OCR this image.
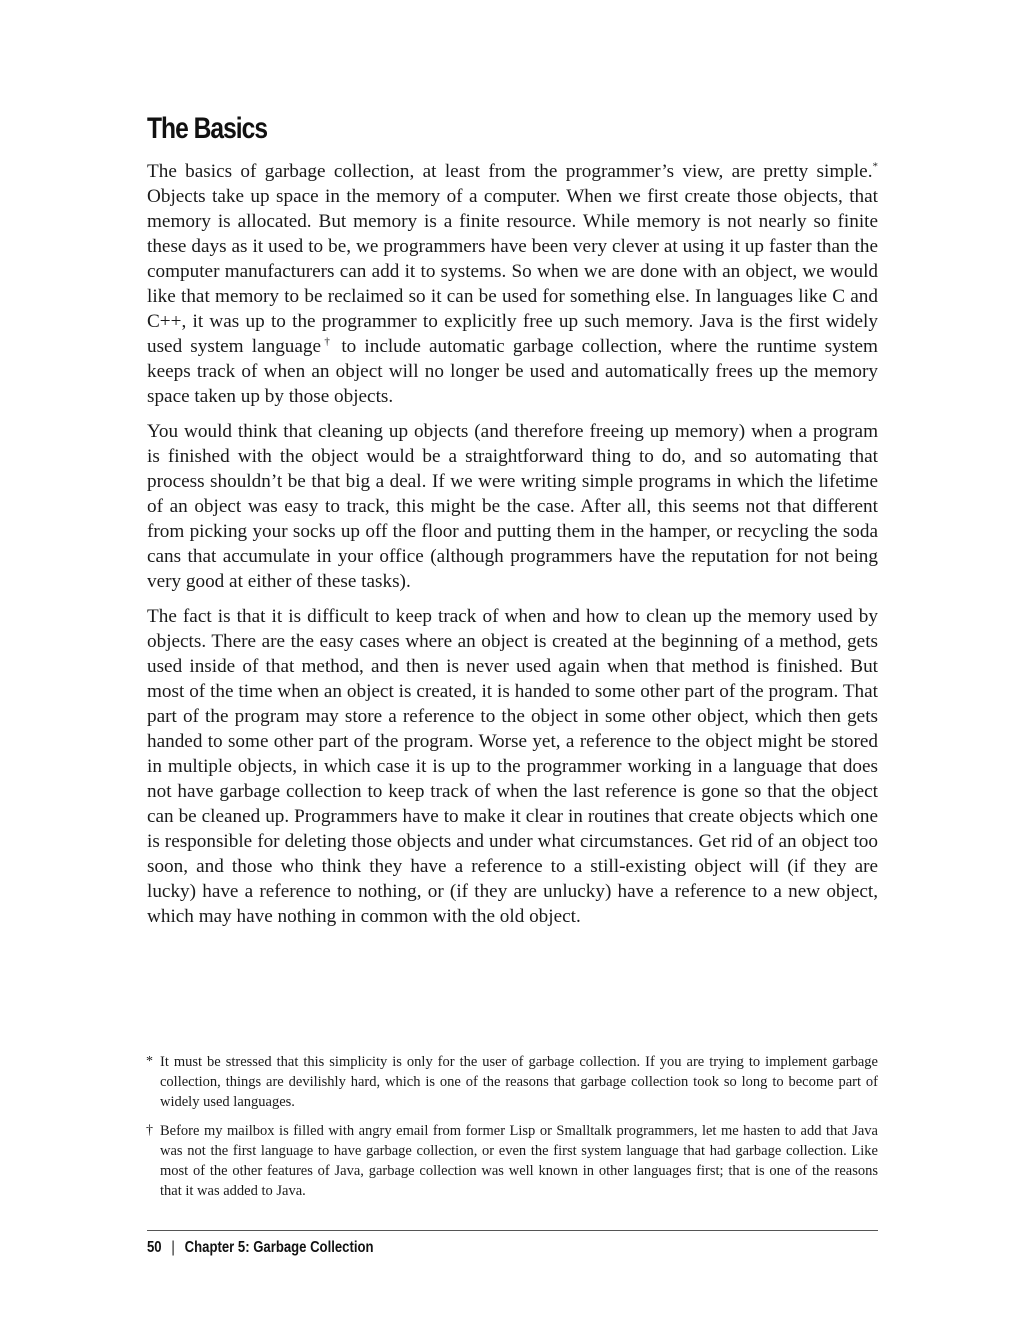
The Basics

The basics of garbage collection, at least from the programmer’s view, are pretty simple.* Objects take up space in the memory of a computer. When we first create those objects, that memory is allocated. But memory is a finite resource. While memory is not nearly so finite these days as it used to be, we programmers have been very clever at using it up faster than the computer manufacturers can add it to systems. So when we are done with an object, we would like that memory to be reclaimed so it can be used for something else. In languages like C and C++, it was up to the programmer to explicitly free up such memory. Java is the first widely used system language† to include automatic garbage collection, where the runtime system keeps track of when an object will no longer be used and automatically frees up the memory space taken up by those objects.

You would think that cleaning up objects (and therefore freeing up memory) when a program is finished with the object would be a straightforward thing to do, and so automating that process shouldn’t be that big a deal. If we were writing simple programs in which the lifetime of an object was easy to track, this might be the case. After all, this seems not that different from picking your socks up off the floor and putting them in the hamper, or recycling the soda cans that accumulate in your office (although programmers have the reputation for not being very good at either of these tasks).

The fact is that it is difficult to keep track of when and how to clean up the memory used by objects. There are the easy cases where an object is created at the beginning of a method, gets used inside of that method, and then is never used again when that method is finished. But most of the time when an object is created, it is handed to some other part of the program. That part of the program may store a reference to the object in some other object, which then gets handed to some other part of the program. Worse yet, a reference to the object might be stored in multiple objects, in which case it is up to the programmer working in a language that does not have garbage collection to keep track of when the last reference is gone so that the object can be cleaned up. Programmers have to make it clear in routines that create objects which one is responsible for deleting those objects and under what circumstances. Get rid of an object too soon, and those who think they have a reference to a still-existing object will (if they are lucky) have a reference to nothing, or (if they are unlucky) have a reference to a new object, which may have nothing in common with the old object.

* It must be stressed that this simplicity is only for the user of garbage collection. If you are trying to implement garbage collection, things are devilishly hard, which is one of the reasons that garbage collection took so long to become part of widely used languages.
† Before my mailbox is filled with angry email from former Lisp or Smalltalk programmers, let me hasten to add that Java was not the first language to have garbage collection, or even the first system language that had garbage collection. Like most of the other features of Java, garbage collection was well known in other languages first; that is one of the reasons that it was added to Java.
50 | Chapter 5: Garbage Collection
